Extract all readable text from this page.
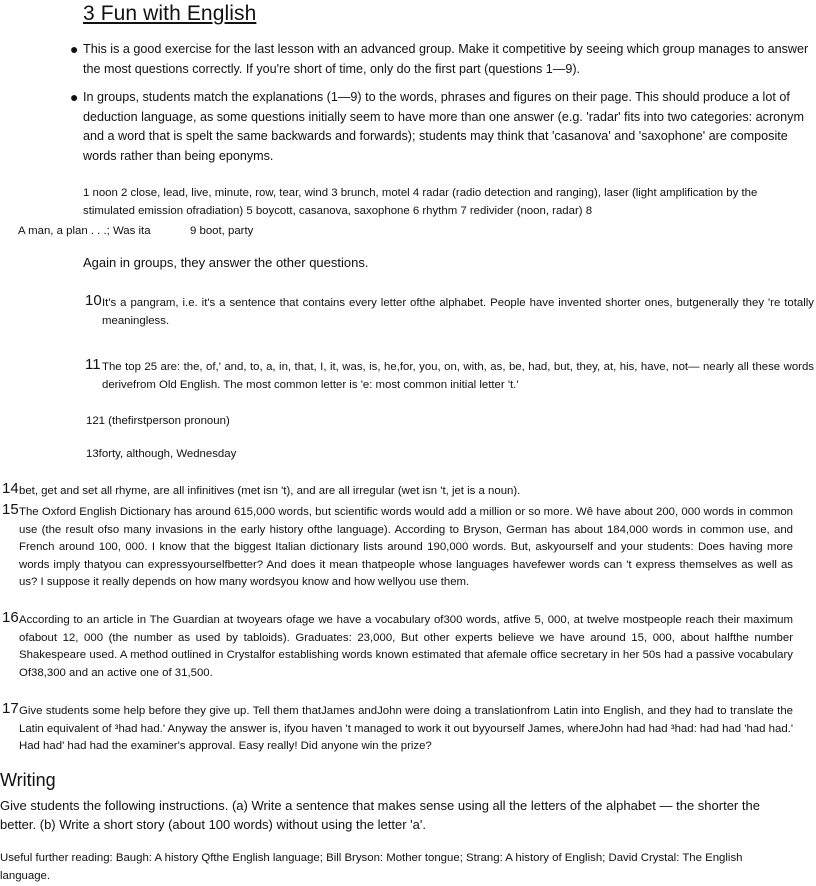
3 Fun with English
● This is a good exercise for the last lesson with an advanced group. Make it competitive by seeing which group manages to answer the most questions correctly. If you're short of time, only do the first part (questions 1—9).
● In groups, students match the explanations (1—9) to the words, phrases and figures on their page. This should produce a lot of deduction language, as some questions initially seem to have more than one answer (e.g. 'radar' fits into two categories: acronym and a word that is spelt the same backwards and forwards); students may think that 'casanova' and 'saxophone' are composite words rather than being eponyms.
1 noon 2 close, lead, live, minute, row, tear, wind 3 brunch, motel 4 radar (radio detection and ranging), laser (light amplification by the stimulated emission ofradiation) 5 boycott, casanova, saxophone 6 rhythm 7 redivider (noon, radar) 8
A man, a plan . . .; Was ita	9 boot, party
Again in groups, they answer the other questions.
10 It's a pangram, i.e. it's a sentence that contains every letter ofthe alphabet. People have invented shorter ones, butgenerally they 're totally meaningless.
11 The top 25 are: the, of,' and, to, a, in, that, I, it, was, is, he,for, you, on, with, as, be, had, but, they, at, his, have, not— nearly all these words derivefrom Old English. The most common letter is 'e: most common initial letter 't.'
121 (thefirstperson pronoun)
13forty, although, Wednesday
14 bet, get and set all rhyme, are all infinitives (met isn 't), and are all irregular (wet isn 't, jet is a noun).
15 The Oxford English Dictionary has around 615,000 words, but scientific words would add a million or so more. Wê have about 200, 000 words in common use (the result ofso many invasions in the early history ofthe language). According to Bryson, German has about 184,000 words in common use, and French around 100, 000. I know that the biggest Italian dictionary lists around 190,000 words. But, askyourself and your students: Does having more words imply thatyou can expressyourselfbetter? And does it mean thatpeople whose languages havefewer words can 't express themselves as well as us? I suppose it really depends on how many wordsyou know and how wellyou use them.
16 According to an article in The Guardian at twoyears ofage we have a vocabulary of300 words, atfive 5, 000, at twelve mostpeople reach their maximum ofabout 12, 000 (the number as used by tabloids). Graduates: 23,000, But other experts believe we have around 15, 000, about halfthe number Shakespeare used. A method outlined in Crystalfor establishing words known estimated that afemale office secretary in her 50s had a passive vocabulary Of38,300 and an active one of 31,500.
17 Give students some help before they give up. Tell them thatJames andJohn were doing a translationfrom Latin into English, and they had to translate the Latin equivalent of ³had had.' Anyway the answer is, ifyou haven 't managed to work it out byyourself James, whereJohn had had ³had: had had 'had had.' Had had' had had the examiner's approval. Easy really! Did anyone win the prize?
Writing
Give students the following instructions. (a) Write a sentence that makes sense using all the letters of the alphabet — the shorter the better. (b) Write a short story (about 100 words) without using the letter 'a'.
Useful further reading: Baugh: A history Qfthe English language; Bill Bryson: Mother tongue; Strang: A history of English; David Crystal: The English language.
